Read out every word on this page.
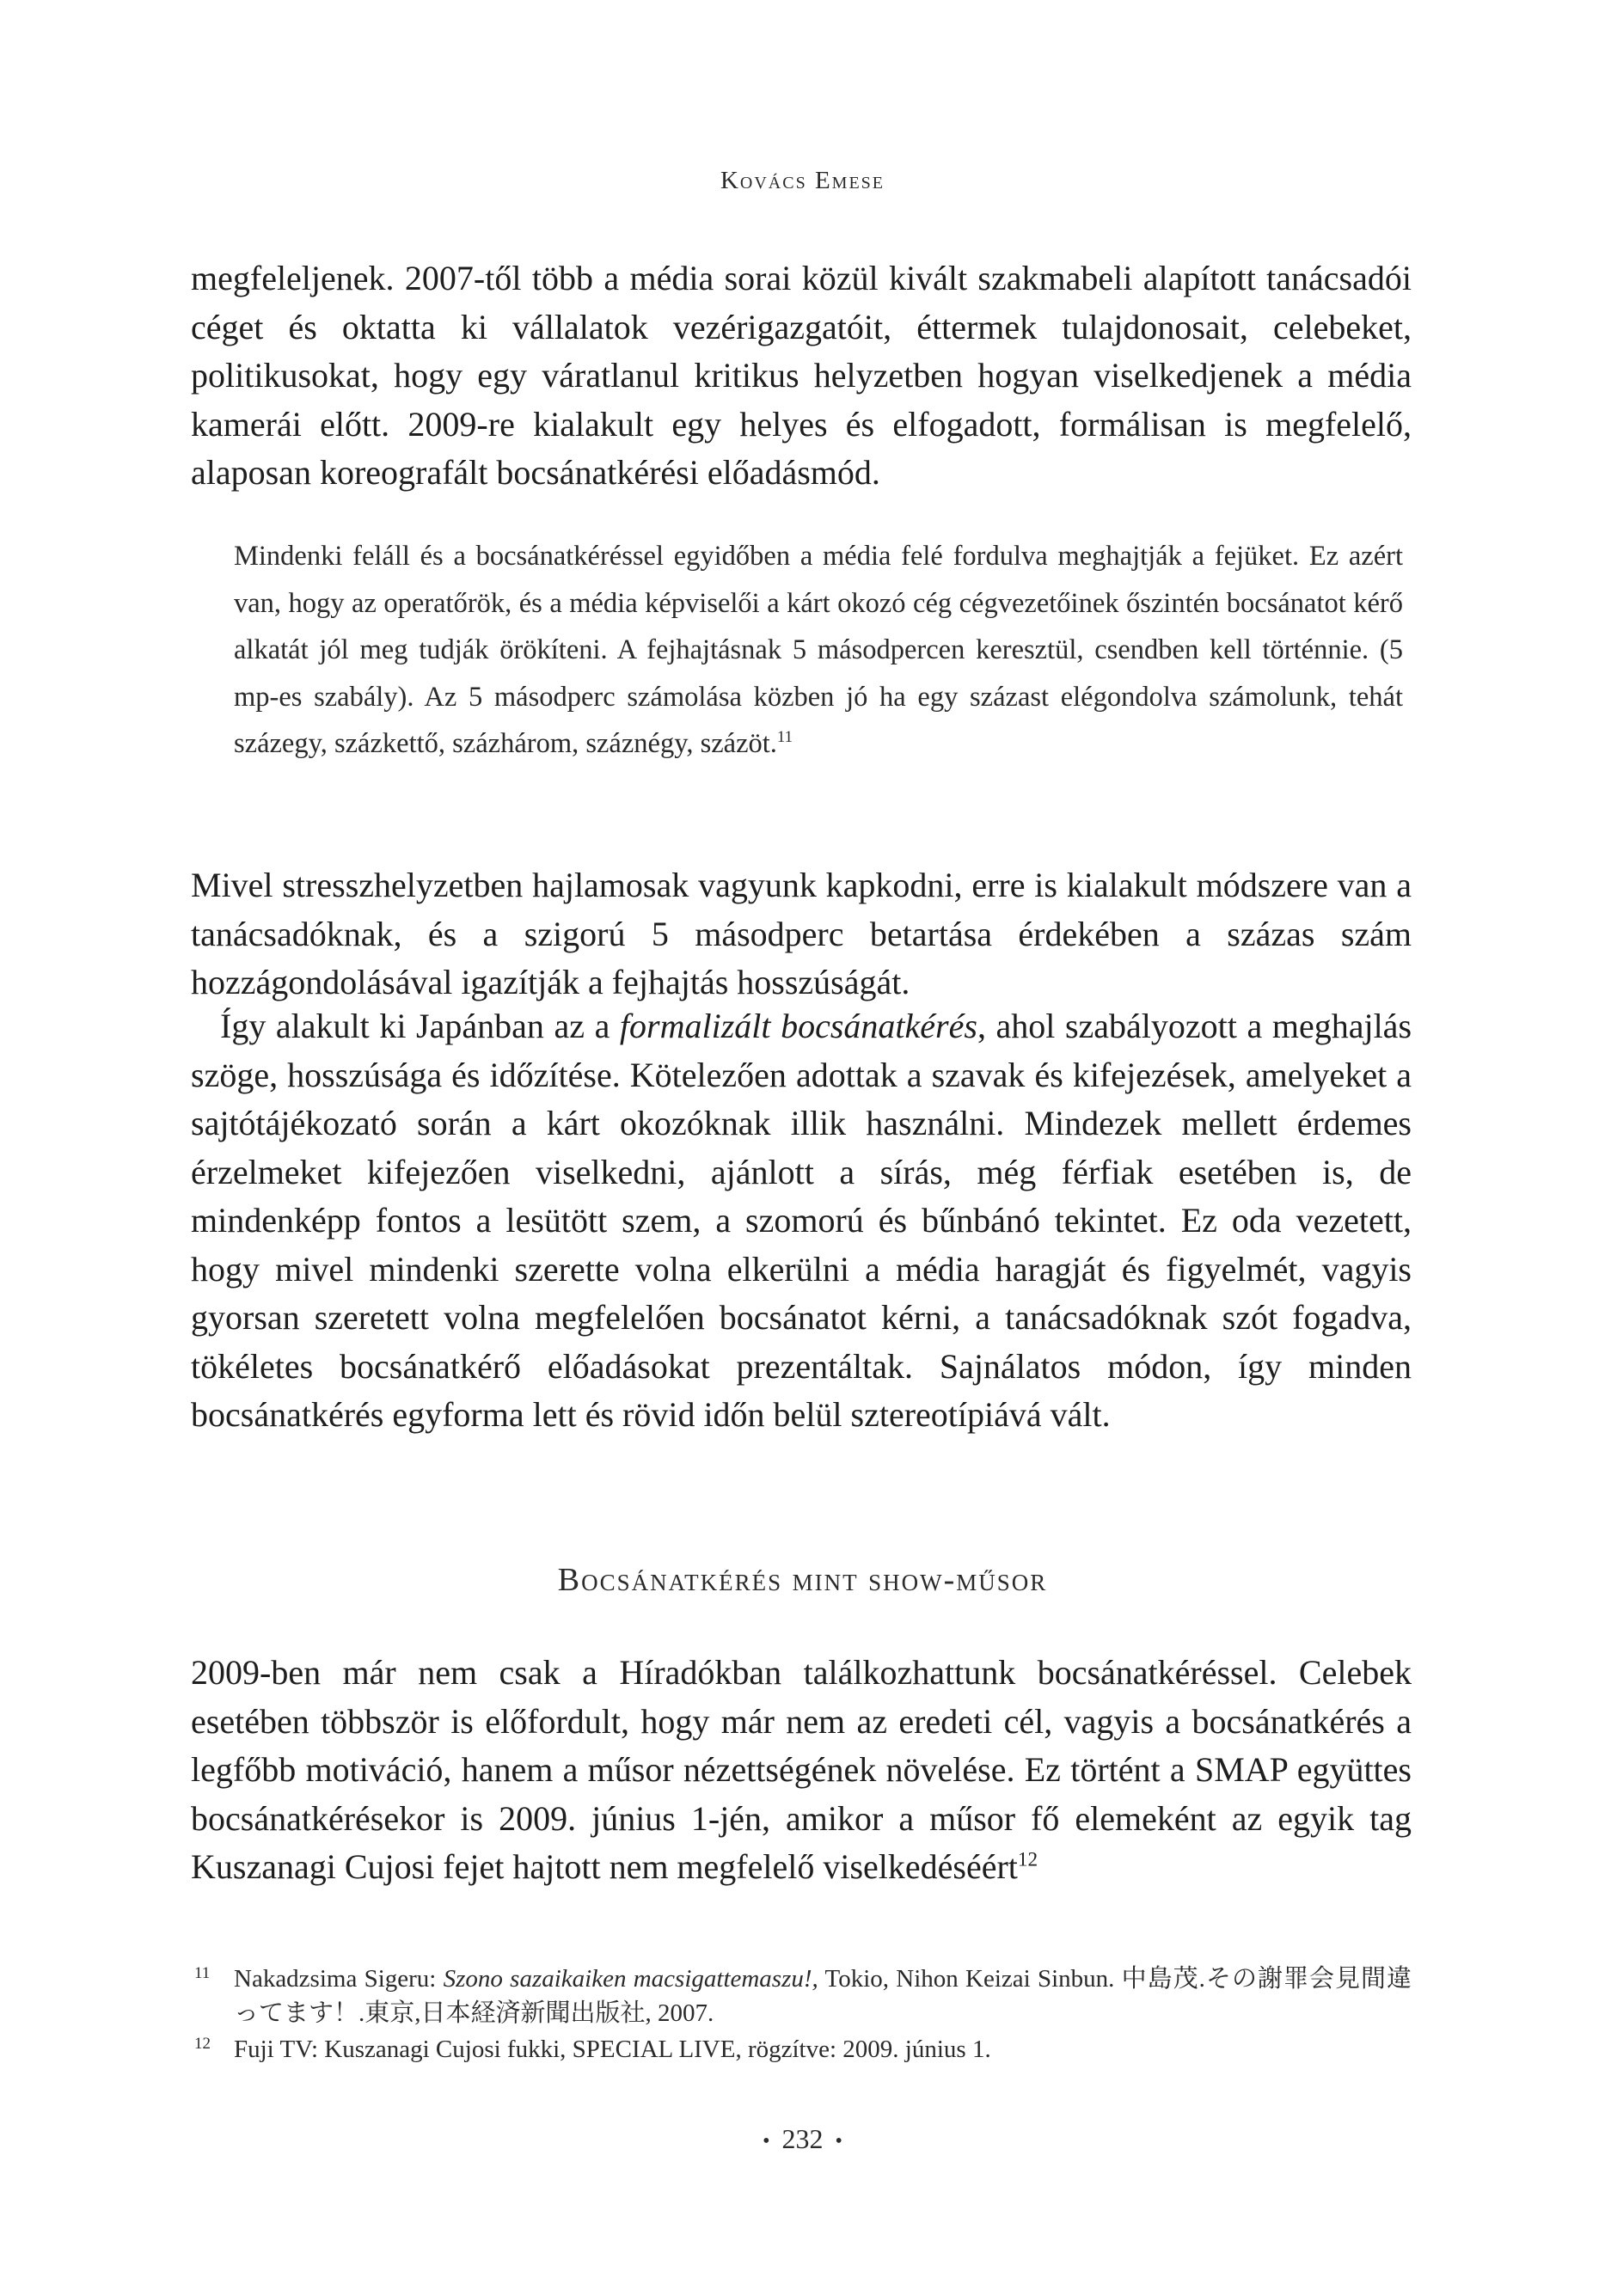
Kovács Emese

megfeleljenek. 2007-től több a média sorai közül kivált szakmabeli alapított tanácsadói céget és oktatta ki vállalatok vezérigazgatóit, éttermek tulajdonosait, celebeket, politikusokat, hogy egy váratlanul kritikus helyzetben hogyan viselkedjenek a média kamerái előtt. 2009-re kialakult egy helyes és elfogadott, formálisan is megfelelő, alaposan koreografált bocsánatkérési előadásmód.

Mindenki feláll és a bocsánatkéréssel egyidőben a média felé fordulva meghajtják a fejüket. Ez azért van, hogy az operatőrök, és a média képviselői a kárt okozó cég cégvezetőinek őszintén bocsánatot kérő alkatát jól meg tudják örökíteni. A fejhajtásnak 5 másodpercen keresztül, csendben kell történnie. (5 mp-es szabály). Az 5 másodperc számolása közben jó ha egy százast elégondolva számolunk, tehát százegy, százkettő, százhárom, száznégy, százöt.$^{11}$

Mivel stresszhelyzetben hajlamosak vagyunk kapkodni, erre is kialakult módszere van a tanácsadóknak, és a szigorú 5 másodperc betartása érdekében a százas szám hozzágondolásával igazítják a fejhajtás hosszúságát.

Így alakult ki Japánban az a formalizált bocsánatkérés, ahol szabályozott a meghajlás szöge, hosszúsága és időzítése. Kötelezően adottak a szavak és kifejezések, amelyeket a sajtótájékozató során a kárt okozóknak illik használni. Mindezek mellett érdemes érzelmeket kifejezően viselkedni, ajánlott a sírás, még férfiak esetében is, de mindenképp fontos a lesütött szem, a szomorú és bűnbánó tekintet. Ez oda vezetett, hogy mivel mindenki szerette volna elkerülni a média haragját és figyelmét, vagyis gyorsan szeretett volna megfelelően bocsánatot kérni, a tanácsadóknak szót fogadva, tökéletes bocsánatkérő előadásokat prezentáltak. Sajnálatos módon, így minden bocsánatkérés egyforma lett és rövid időn belül sztereotípiává vált.

Bocsánatkérés mint show-műsor

2009-ben már nem csak a Híradókban találkozhattunk bocsánatkéréssel. Celebek esetében többször is előfordult, hogy már nem az eredeti cél, vagyis a bocsánatkérés a legfőbb motiváció, hanem a műsor nézettségének növelése. Ez történt a SMAP együttes bocsánatkérésekor is 2009. június 1-jén, amikor a műsor fő elemeként az egyik tag Kuszanagi Cujosi fejet hajtott nem megfelelő viselkedéséért$^{12}$

11 Nakadzsima Sigeru: Szono sazaikaiken macsigattemaszu!, Tokio, Nihon Keizai Sinbun. 中島茂.その謝罪会見間違ってます！.東京,日本経済新聞出版社, 2007.

12 Fuji TV: Kuszanagi Cujosi fukki, SPECIAL LIVE, rögzítve: 2009. június 1.

• 232 •
